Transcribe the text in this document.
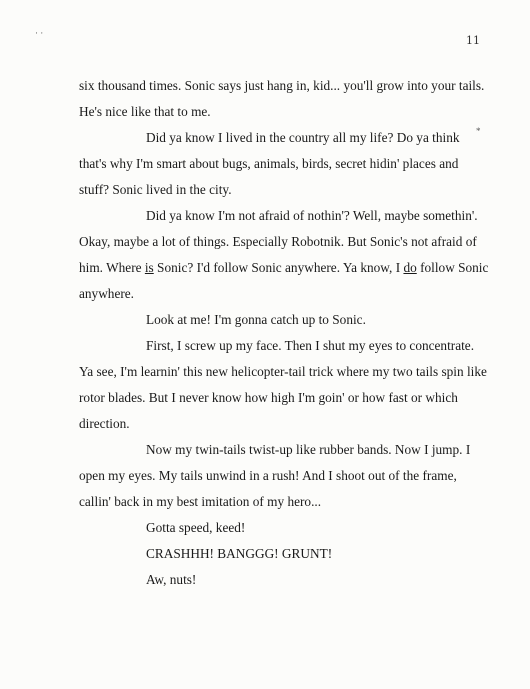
· ·
*
11

six thousand times. Sonic says just hang in, kid... you'll grow into your tails. He's nice like that to me.

Did ya know I lived in the country all my life? Do ya think that's why I'm smart about bugs, animals, birds, secret hidin' places and stuff? Sonic lived in the city.

Did ya know I'm not afraid of nothin'? Well, maybe somethin'. Okay, maybe a lot of things. Especially Robotnik. But Sonic's not afraid of him. Where is Sonic? I'd follow Sonic anywhere. Ya know, I do follow Sonic anywhere.

Look at me! I'm gonna catch up to Sonic.

First, I screw up my face. Then I shut my eyes to concentrate. Ya see, I'm learnin' this new helicopter-tail trick where my two tails spin like rotor blades. But I never know how high I'm goin' or how fast or which direction.

Now my twin-tails twist-up like rubber bands. Now I jump. I open my eyes. My tails unwind in a rush! And I shoot out of the frame, callin' back in my best imitation of my hero...

Gotta speed, keed!

CRASHHH! BANGGG! GRUNT!

Aw, nuts!
